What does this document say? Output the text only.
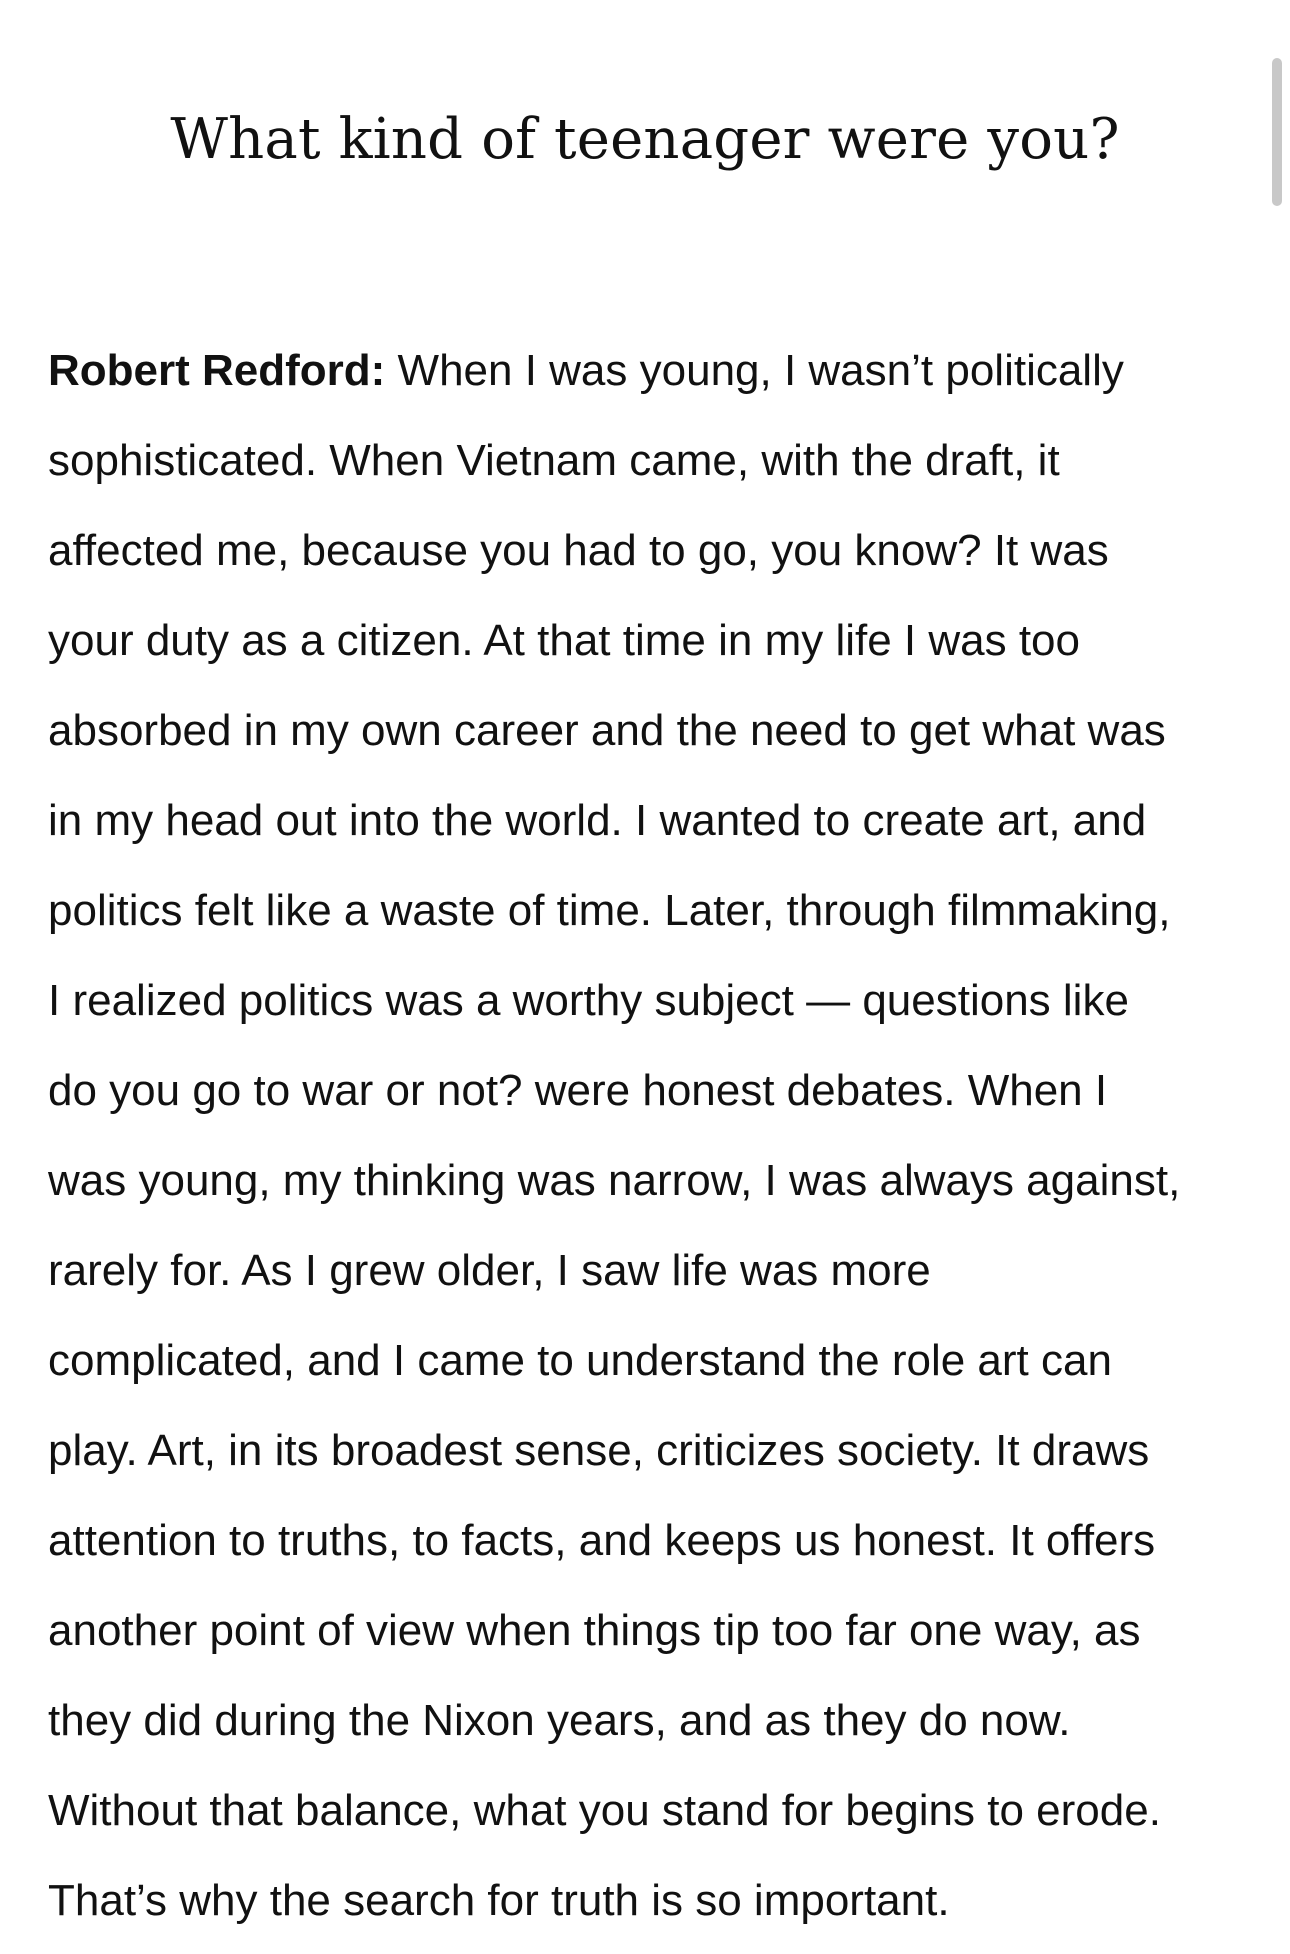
What kind of teenager were you?

Robert Redford: When I was young, I wasn’t politically
sophisticated. When Vietnam came, with the draft, it
affected me, because you had to go, you know? It was
your duty as a citizen. At that time in my life I was too
absorbed in my own career and the need to get what was
in my head out into the world. I wanted to create art, and
politics felt like a waste of time. Later, through filmmaking,
I realized politics was a worthy subject — questions like
do you go to war or not? were honest debates. When I
was young, my thinking was narrow, I was always against,
rarely for. As I grew older, I saw life was more
complicated, and I came to understand the role art can
play. Art, in its broadest sense, criticizes society. It draws
attention to truths, to facts, and keeps us honest. It offers
another point of view when things tip too far one way, as
they did during the Nixon years, and as they do now.
Without that balance, what you stand for begins to erode.
That’s why the search for truth is so important.
